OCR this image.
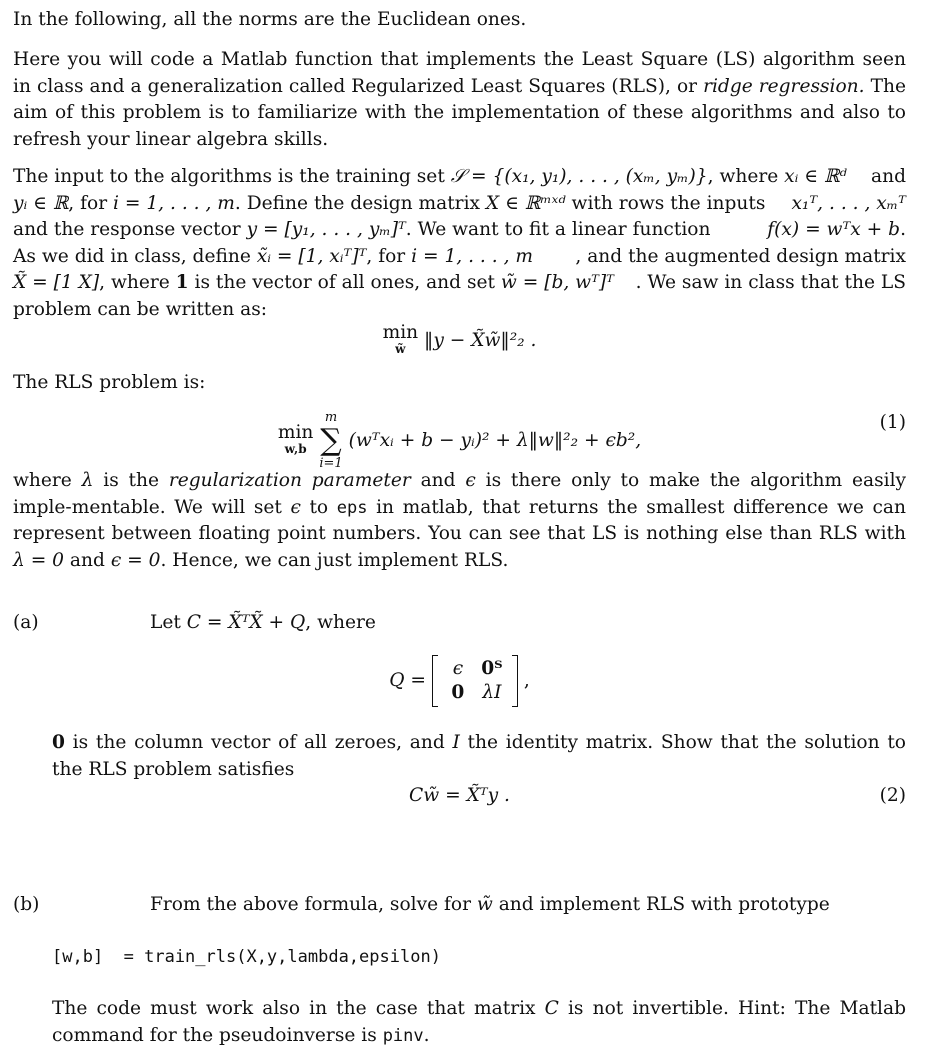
In the following, all the norms are the Euclidean ones.

Here you will code a Matlab function that implements the Least Square (LS) algorithm seen in class and a generalization called Regularized Least Squares (RLS), or ridge regression. The aim of this problem is to familiarize with the implementation of these algorithms and also to refresh your linear algebra skills.

The input to the algorithms is the training set 𝒮 = {(x₁, y₁), . . . , (xₘ, yₘ)}, where xᵢ ∈ ℝᵈ and
yᵢ ∈ ℝ, for i = 1, . . . , m. Define the design matrix X ∈ ℝᵐˣᵈ with rows the inputs x₁ᵀ, . . . , xₘᵀ
and the response vector y = [y₁, . . . , yₘ]ᵀ. We want to fit a linear function	f(x) = wᵀx + b.
As we did in class, define x̃ᵢ = [1, xᵢᵀ]ᵀ, for i = 1, . . . , m , and the augmented design matrix
X̃ = [1 X], where 1 is the vector of all ones, and set w̃ = [b, wᵀ]ᵀ . We saw in class that the LS
problem can be written as:
min
w̃ ‖y − X̃w̃‖²₂ .

The RLS problem is:

min
w,b

m
∑
i=1
(wᵀxᵢ + b − yᵢ)² + λ‖w‖²₂ + ϵb²,
(1)

where λ is the regularization parameter and ϵ is there only to make the algorithm easily imple-mentable. We will set ϵ to eps in matlab, that returns the smallest difference we can represent between floating point numbers. You can see that LS is nothing else than RLS with λ = 0 and ϵ = 0. Hence, we can just implement RLS.

(a)	Let C = X̃ᵀX̃ + Q, where
Q =
ϵ 0ᵀ
0 λI
,

0 is the column vector of all zeroes, and I the identity matrix. Show that the solution to the RLS problem satisfies

Cw̃ = X̃ᵀy .	(2)
(b)	From the above formula, solve for w̃ and implement RLS with prototype
[w,b]  = train_rls(X,y,lambda,epsilon)

The code must work also in the case that matrix C is not invertible. Hint: The Matlab command for the pseudoinverse is pinv.
